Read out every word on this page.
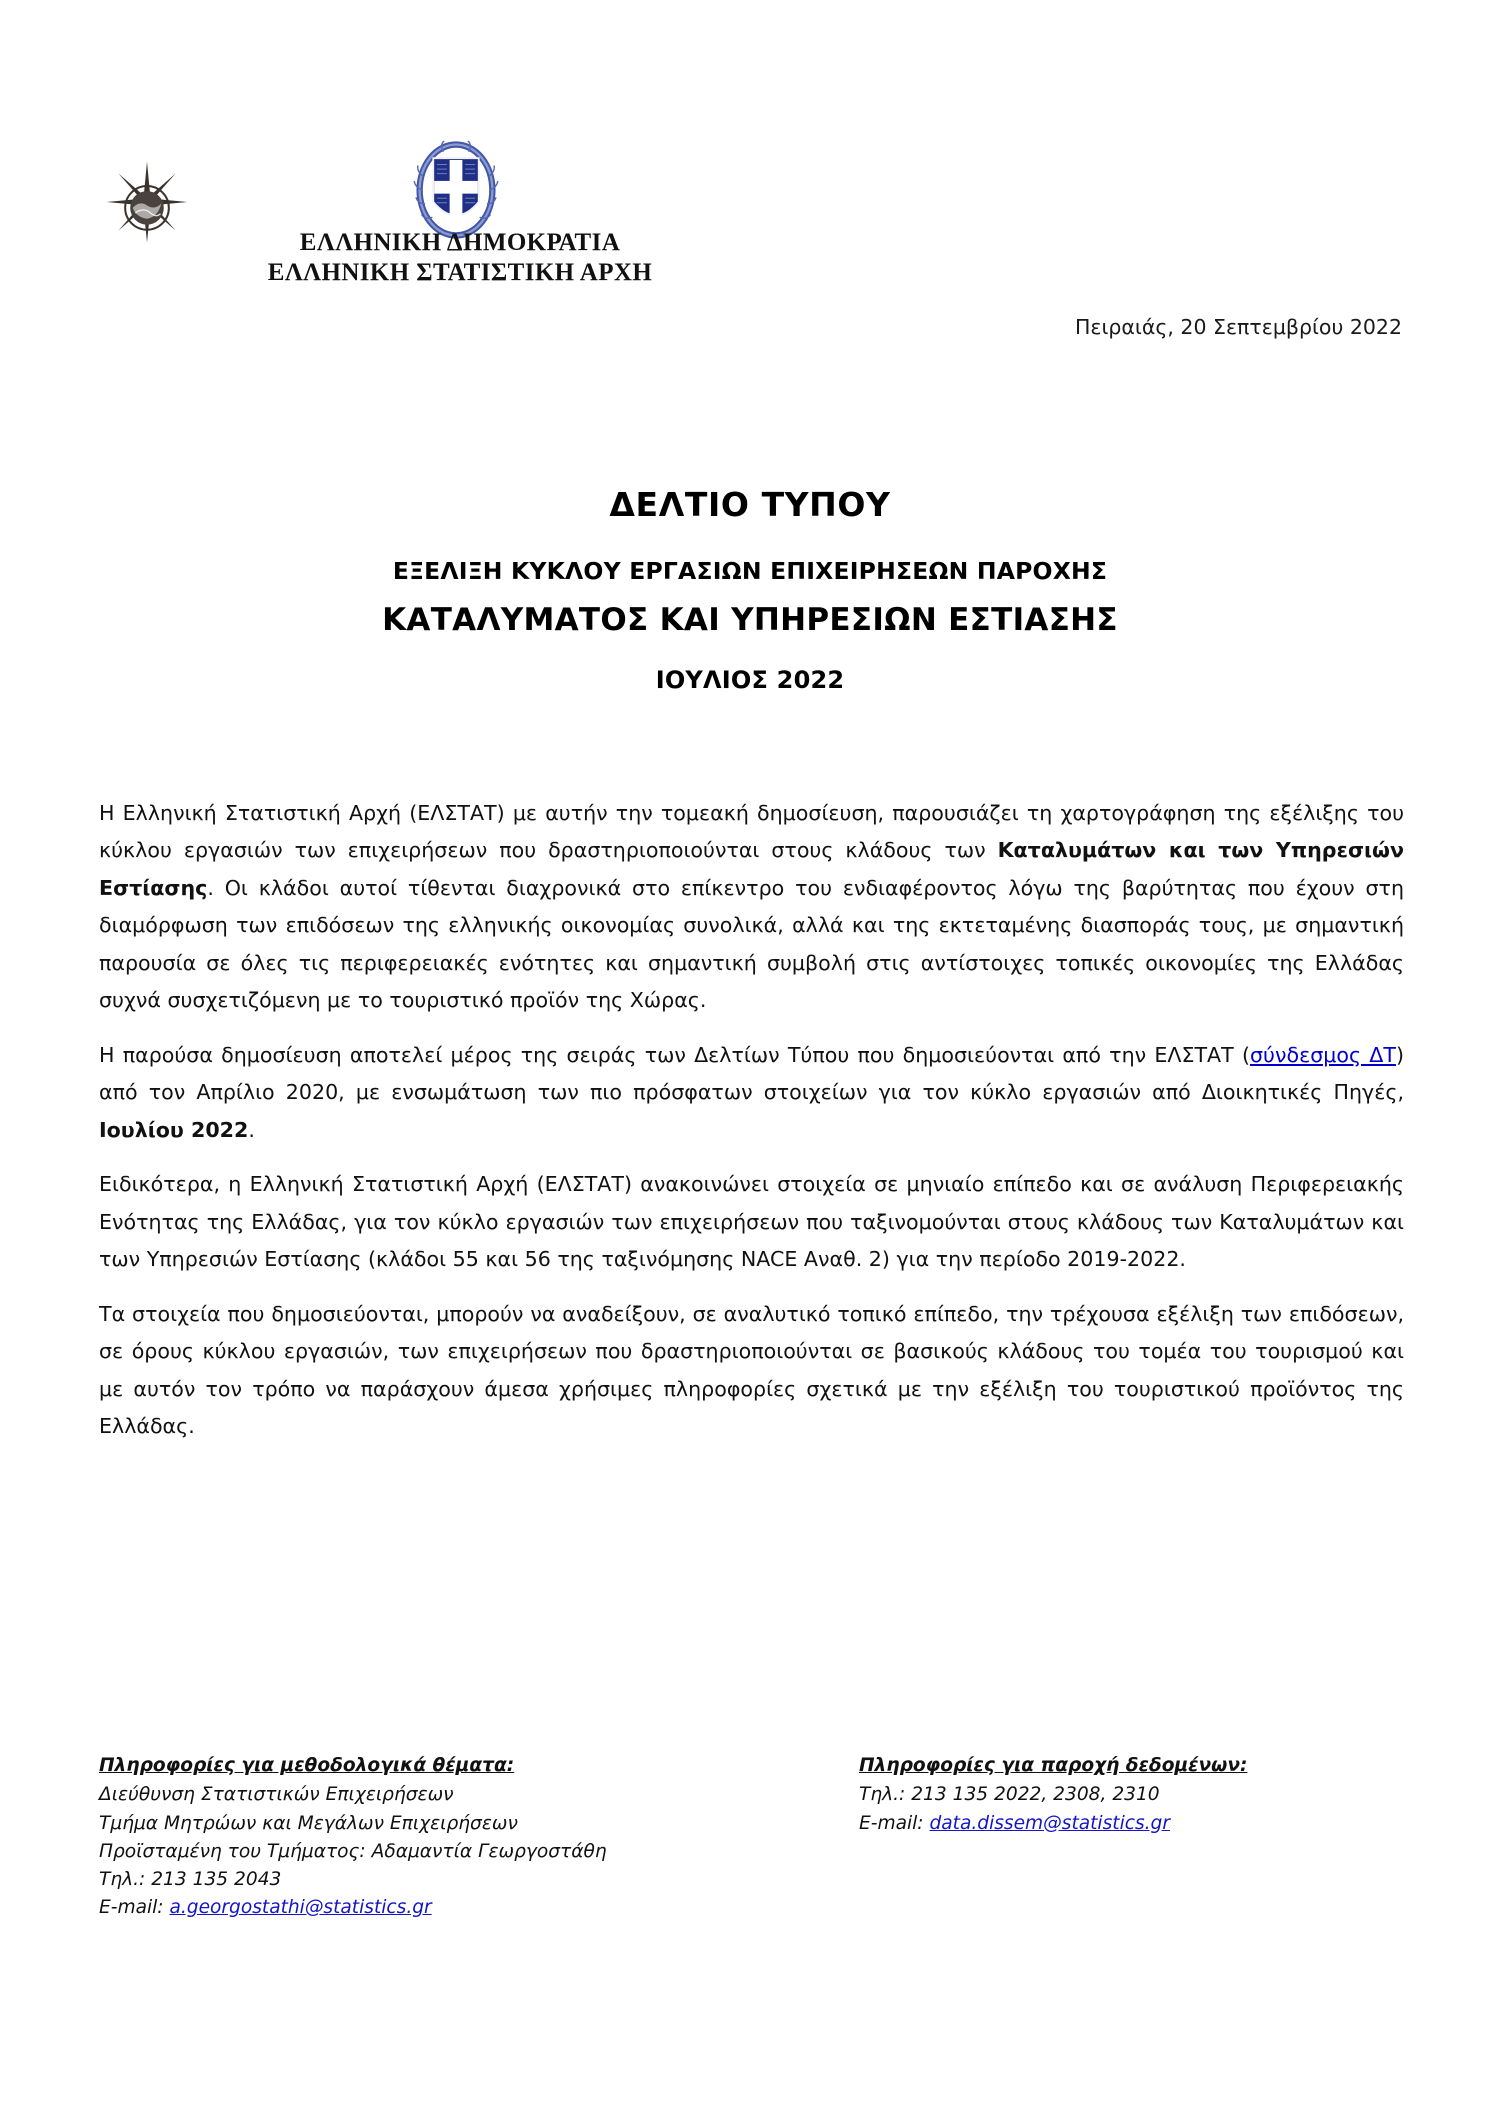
ΕΛΛΗΝΙΚΗ ΔΗΜΟΚΡΑΤΙΑ
ΕΛΛΗΝΙΚΗ ΣΤΑΤΙΣΤΙΚΗ ΑΡΧΗ
Πειραιάς, 20 Σεπτεμβρίου 2022
ΔΕΛΤΙΟ ΤΥΠΟΥ
ΕΞΕΛΙΞΗ ΚΥΚΛΟΥ ΕΡΓΑΣΙΩΝ ΕΠΙΧΕΙΡΗΣΕΩΝ ΠΑΡΟΧΗΣ
ΚΑΤΑΛΥΜΑΤΟΣ ΚΑΙ ΥΠΗΡΕΣΙΩΝ ΕΣΤΙΑΣΗΣ
ΙΟΥΛΙΟΣ 2022

Η Ελληνική Στατιστική Αρχή (ΕΛΣΤΑΤ) με αυτήν την τομεακή δημοσίευση, παρουσιάζει τη χαρτογράφηση της εξέλιξης του κύκλου εργασιών των επιχειρήσεων που δραστηριοποιούνται στους κλάδους των Καταλυμάτων και των Υπηρεσιών Εστίασης. Οι κλάδοι αυτοί τίθενται διαχρονικά στο επίκεντρο του ενδιαφέροντος λόγω της βαρύτητας που έχουν στη διαμόρφωση των επιδόσεων της ελληνικής οικονομίας συνολικά, αλλά και της εκτεταμένης διασποράς τους, με σημαντική παρουσία σε όλες τις περιφερειακές ενότητες και σημαντική συμβολή στις αντίστοιχες τοπικές οικονομίες της Ελλάδας συχνά συσχετιζόμενη με το τουριστικό προϊόν της Χώρας.

Η παρούσα δημοσίευση αποτελεί μέρος της σειράς των Δελτίων Τύπου που δημοσιεύονται από την ΕΛΣΤΑΤ (σύνδεσμος ΔΤ) από τον Απρίλιο 2020, με ενσωμάτωση των πιο πρόσφατων στοιχείων για τον κύκλο εργασιών από Διοικητικές Πηγές, Ιουλίου 2022.

Ειδικότερα, η Ελληνική Στατιστική Αρχή (ΕΛΣΤΑΤ) ανακοινώνει στοιχεία σε μηνιαίο επίπεδο και σε ανάλυση Περιφερειακής Ενότητας της Ελλάδας, για τον κύκλο εργασιών των επιχειρήσεων που ταξινομούνται στους κλάδους των Καταλυμάτων και των Υπηρεσιών Εστίασης (κλάδοι 55 και 56 της ταξινόμησης NACE Αναθ. 2) για την περίοδο 2019-2022.

Τα στοιχεία που δημοσιεύονται, μπορούν να αναδείξουν, σε αναλυτικό τοπικό επίπεδο, την τρέχουσα εξέλιξη των επιδόσεων, σε όρους κύκλου εργασιών, των επιχειρήσεων που δραστηριοποιούνται σε βασικούς κλάδους του τομέα του τουρισμού και με αυτόν τον τρόπο να παράσχουν άμεσα χρήσιμες πληροφορίες σχετικά με την εξέλιξη του τουριστικού προϊόντος της Ελλάδας.

Πληροφορίες για μεθοδολογικά θέματα:
Διεύθυνση Στατιστικών Επιχειρήσεων
Τμήμα Μητρώων και Μεγάλων Επιχειρήσεων
Προϊσταμένη του Τμήματος: Αδαμαντία Γεωργοστάθη
Τηλ.: 213 135 2043
E-mail: a.georgostathi@statistics.gr
Πληροφορίες για παροχή δεδομένων:
Τηλ.: 213 135 2022, 2308, 2310
E-mail: data.dissem@statistics.gr
